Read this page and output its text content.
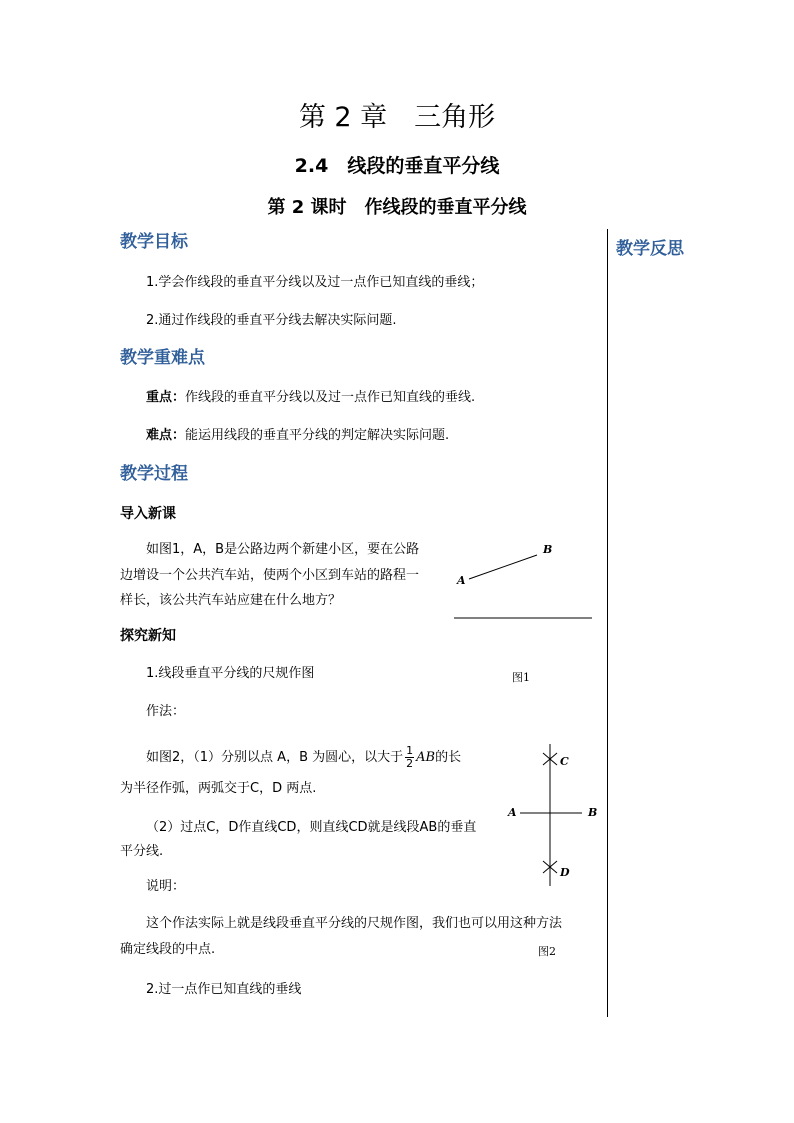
第 2 章　三角形
2.4　线段的垂直平分线
第 2 课时　作线段的垂直平分线
教学反思
教学目标
1.学会作线段的垂直平分线以及过一点作已知直线的垂线；
2.通过作线段的垂直平分线去解决实际问题.
教学重难点
重点：作线段的垂直平分线以及过一点作已知直线的垂线.
难点：能运用线段的垂直平分线的判定解决实际问题.
教学过程
导入新课
如图1，A，B是公路边两个新建小区，要在公路
边增设一个公共汽车站，使两个小区到车站的路程一
样长，该公共汽车站应建在什么地方？
B
A
图1
探究新知
1.线段垂直平分线的尺规作图
作法：
如图2，（1）分别以点 A，B 为圆心，以大于 $\frac{1}{2}$ AB的长
为半径作弧，两弧交于C，D 两点.
（2）过点C，D作直线CD，则直线CD就是线段AB的垂直
平分线.
说明：
这个作法实际上就是线段垂直平分线的尺规作图，我们也可以用这种方法
确定线段的中点.
2.过一点作已知直线的垂线
C
A	B
D
图2
